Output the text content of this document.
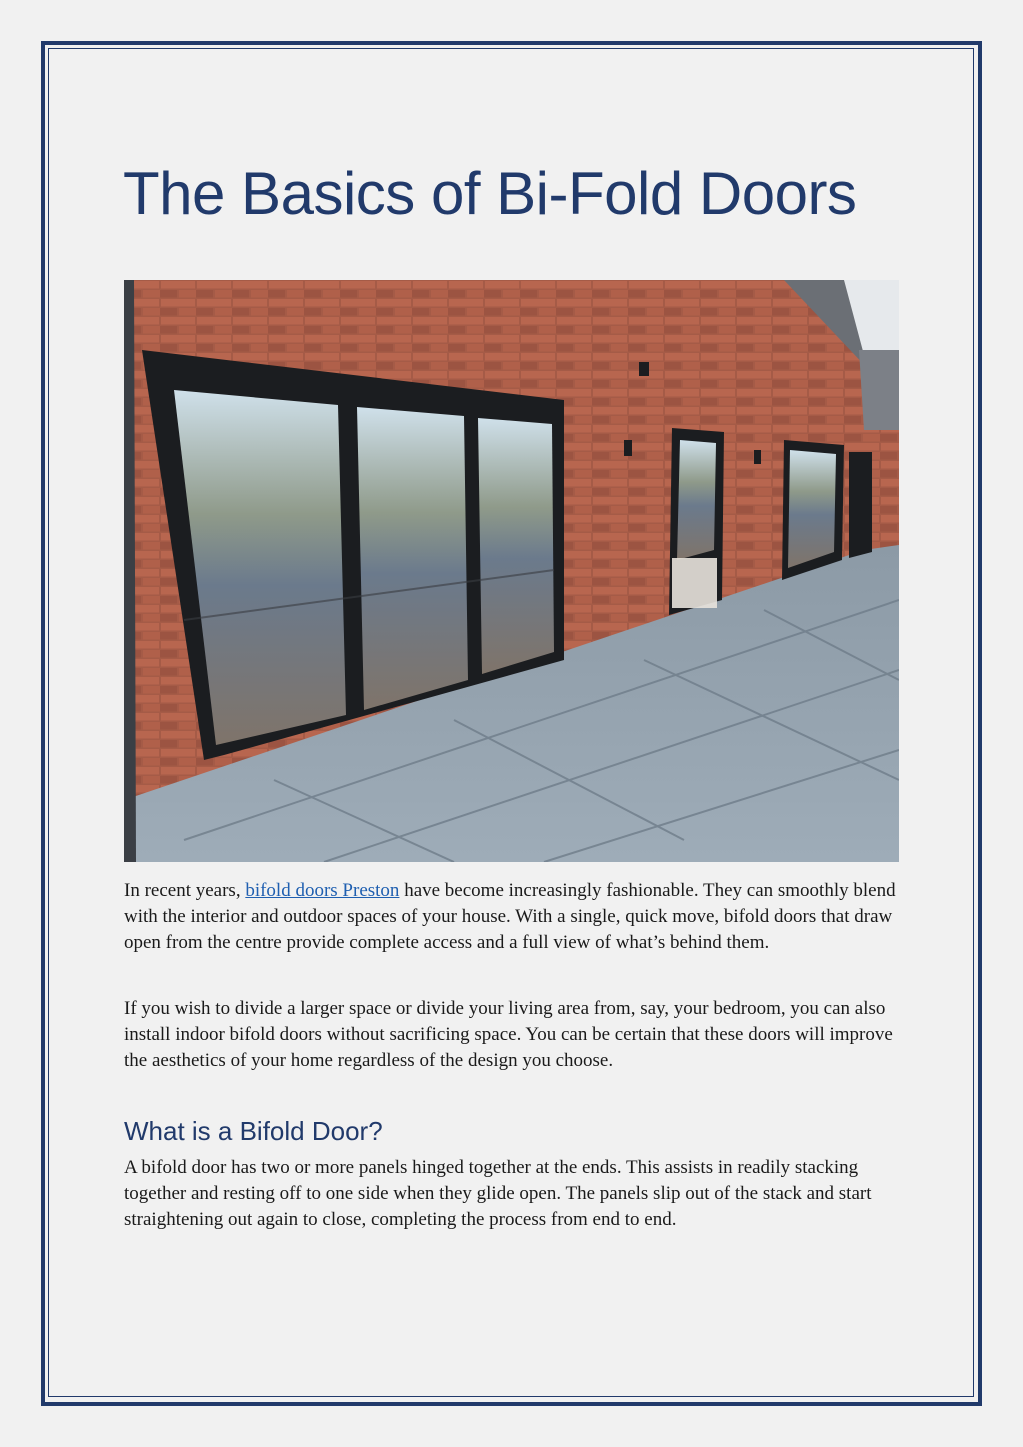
The Basics of Bi-Fold Doors

In recent years, bifold doors Preston have become increasingly fashionable. They can smoothly blend with the interior and outdoor spaces of your house. With a single, quick move, bifold doors that draw open from the centre provide complete access and a full view of what’s behind them.

If you wish to divide a larger space or divide your living area from, say, your bedroom, you can also install indoor bifold doors without sacrificing space. You can be certain that these doors will improve the aesthetics of your home regardless of the design you choose.

What is a Bifold Door?

A bifold door has two or more panels hinged together at the ends. This assists in readily stacking together and resting off to one side when they glide open. The panels slip out of the stack and start straightening out again to close, completing the process from end to end.
